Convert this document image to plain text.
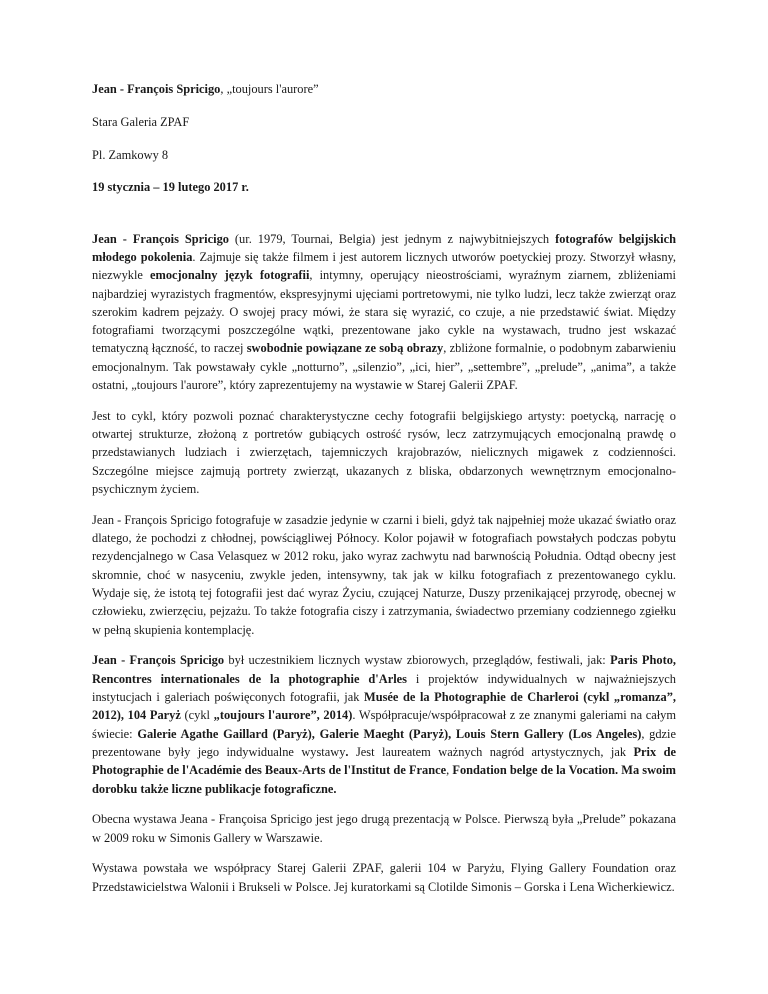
Jean - François Spricigo, „toujours l'aurore”

Stara Galeria ZPAF

Pl. Zamkowy 8

19 stycznia – 19 lutego 2017 r.

Jean - François Spricigo (ur. 1979, Tournai, Belgia) jest jednym z najwybitniejszych fotografów belgijskich młodego pokolenia. Zajmuje się także filmem i jest autorem licznych utworów poetyckiej prozy. Stworzył własny, niezwykle emocjonalny język fotografii, intymny, operujący nieostrościami, wyraźnym ziarnem, zbliżeniami najbardziej wyrazistych fragmentów, ekspresyjnymi ujęciami portretowymi, nie tylko ludzi, lecz także zwierząt oraz szerokim kadrem pejzaży. O swojej pracy mówi, że stara się wyrazić, co czuje, a nie przedstawić świat. Między fotografiami tworzącymi poszczególne wątki, prezentowane jako cykle na wystawach, trudno jest wskazać tematyczną łączność, to raczej swobodnie powiązane ze sobą obrazy, zbliżone formalnie, o podobnym zabarwieniu emocjonalnym. Tak powstawały cykle „notturno”, „silenzio”, „ici, hier”, „settembre”, „prelude”, „anima”, a także ostatni, „toujours l'aurore”, który zaprezentujemy na wystawie w Starej Galerii ZPAF.

Jest to cykl, który pozwoli poznać charakterystyczne cechy fotografii belgijskiego artysty: poetycką, narrację o otwartej strukturze, złożoną z portretów gubiących ostrość rysów, lecz zatrzymujących emocjonalną prawdę o przedstawianych ludziach i zwierzętach, tajemniczych krajobrazów, nielicznych migawek z codzienności. Szczególne miejsce zajmują portrety zwierząt, ukazanych z bliska, obdarzonych wewnętrznym emocjonalno-psychicznym życiem.

Jean - François Spricigo fotografuje w zasadzie jedynie w czarni i bieli, gdyż tak najpełniej może ukazać światło oraz dlatego, że pochodzi z chłodnej, powściągliwej Północy. Kolor pojawił w fotografiach powstałych podczas pobytu rezydencjalnego w Casa Velasquez w 2012 roku, jako wyraz zachwytu nad barwnością Południa. Odtąd obecny jest skromnie, choć w nasyceniu, zwykle jeden, intensywny, tak jak w kilku fotografiach z prezentowanego cyklu. Wydaje się, że istotą tej fotografii jest dać wyraz Życiu, czującej Naturze, Duszy przenikającej przyrodę, obecnej w człowieku, zwierzęciu, pejzażu. To także fotografia ciszy i zatrzymania, świadectwo przemiany codziennego zgiełku w pełną skupienia kontemplację.

Jean - François Spricigo był uczestnikiem licznych wystaw zbiorowych, przeglądów, festiwali, jak: Paris Photo, Rencontres internationales de la photographie d'Arles i projektów indywidualnych w najważniejszych instytucjach i galeriach poświęconych fotografii, jak Musée de la Photographie de Charleroi (cykl „romanza”, 2012), 104 Paryż (cykl „toujours l'aurore”, 2014). Współpracuje/współpracował z ze znanymi galeriami na całym świecie: Galerie Agathe Gaillard (Paryż), Galerie Maeght (Paryż), Louis Stern Gallery (Los Angeles), gdzie prezentowane były jego indywidualne wystawy. Jest laureatem ważnych nagród artystycznych, jak Prix de Photographie de l'Académie des Beaux-Arts de l'Institut de France, Fondation belge de la Vocation. Ma swoim dorobku także liczne publikacje fotograficzne.

Obecna wystawa Jeana - Françoisa Spricigo jest jego drugą prezentacją w Polsce. Pierwszą była „Prelude” pokazana w 2009 roku w Simonis Gallery w Warszawie.

Wystawa powstała we współpracy Starej Galerii ZPAF, galerii 104 w Paryżu, Flying Gallery Foundation oraz Przedstawicielstwa Walonii i Brukseli w Polsce. Jej kuratorkami są Clotilde Simonis – Gorska i Lena Wicherkiewicz.
